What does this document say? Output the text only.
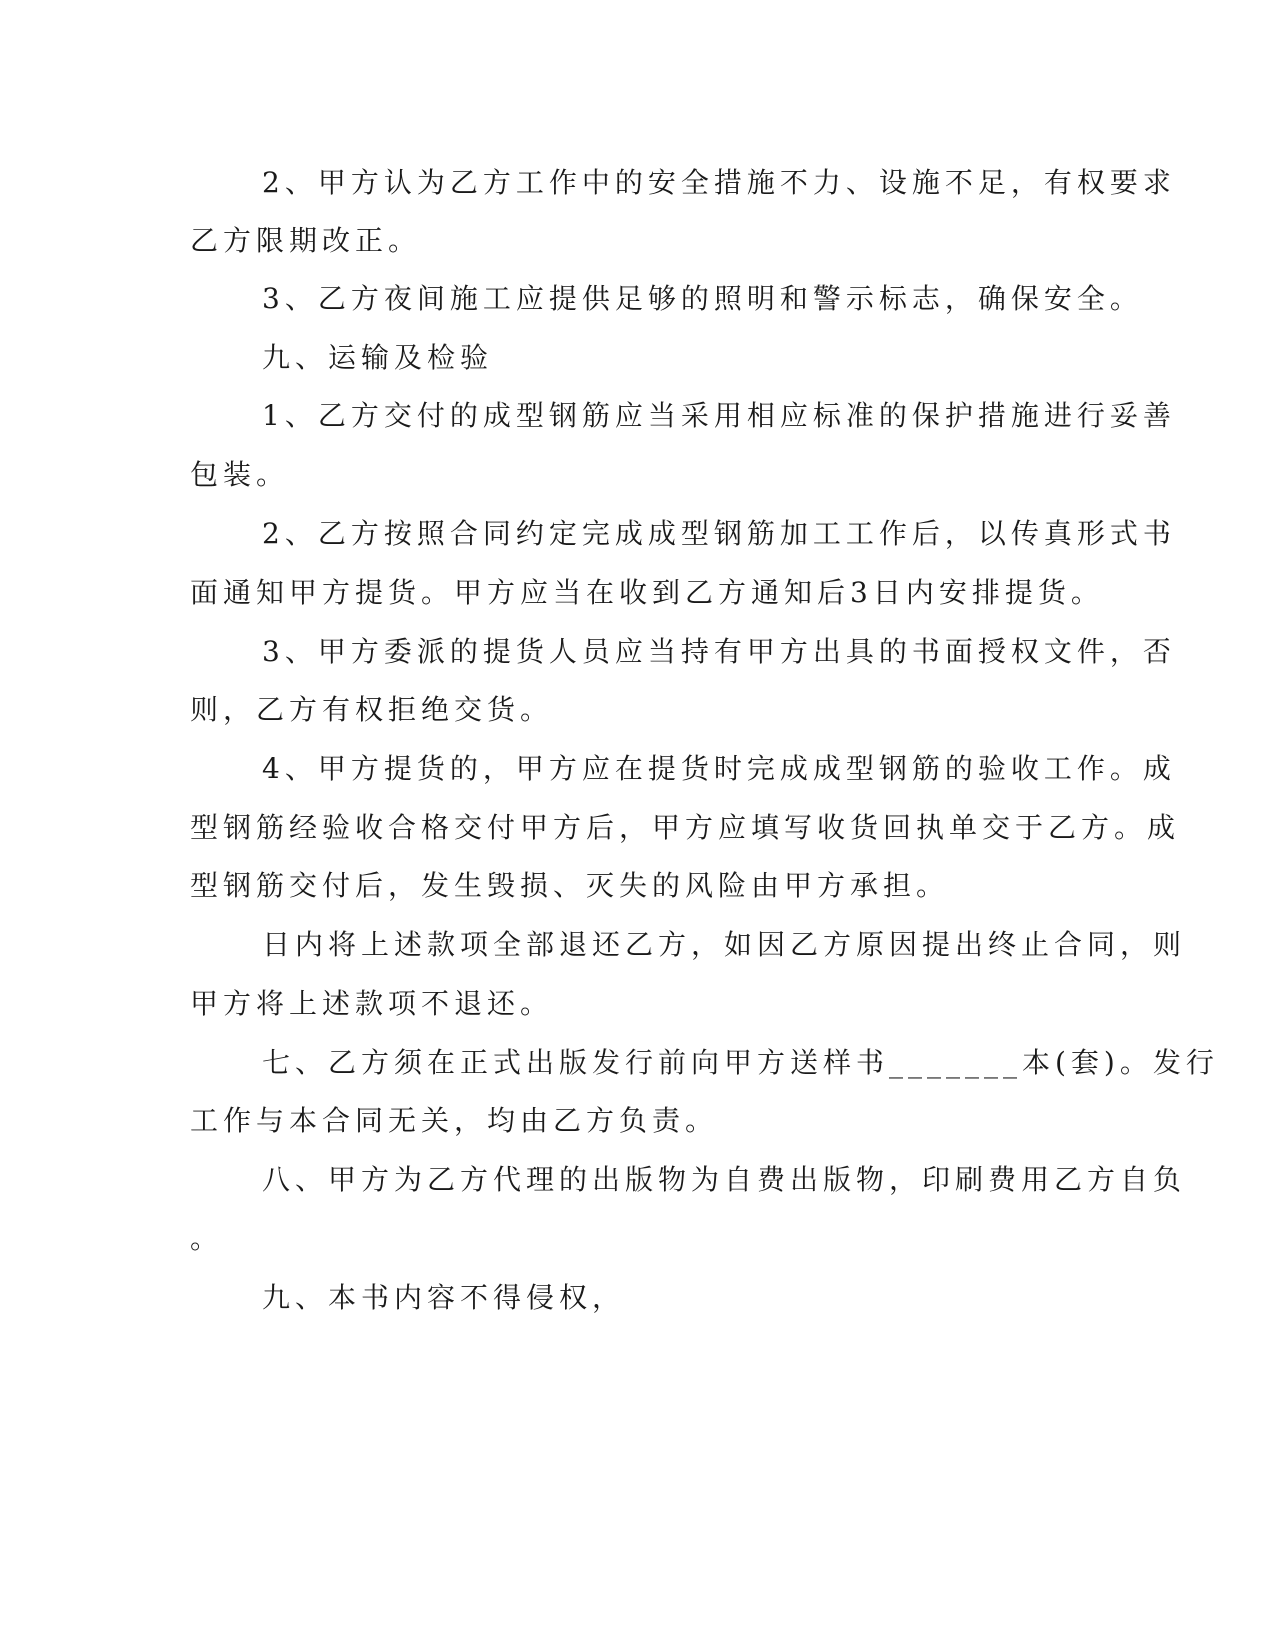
2、甲方认为乙方工作中的安全措施不力、设施不足，有权要求
乙方限期改正。
3、乙方夜间施工应提供足够的照明和警示标志，确保安全。
九、运输及检验
1、乙方交付的成型钢筋应当采用相应标准的保护措施进行妥善
包装。
2、乙方按照合同约定完成成型钢筋加工工作后，以传真形式书
面通知甲方提货。甲方应当在收到乙方通知后3日内安排提货。
3、甲方委派的提货人员应当持有甲方出具的书面授权文件，否
则，乙方有权拒绝交货。
4、甲方提货的，甲方应在提货时完成成型钢筋的验收工作。成
型钢筋经验收合格交付甲方后，甲方应填写收货回执单交于乙方。成
型钢筋交付后，发生毁损、灭失的风险由甲方承担。
日内将上述款项全部退还乙方，如因乙方原因提出终止合同，则
甲方将上述款项不退还。
七、乙方须在正式出版发行前向甲方送样书_______本(套)。发行
工作与本合同无关，均由乙方负责。
八、甲方为乙方代理的出版物为自费出版物，印刷费用乙方自负
。
九、本书内容不得侵权，
